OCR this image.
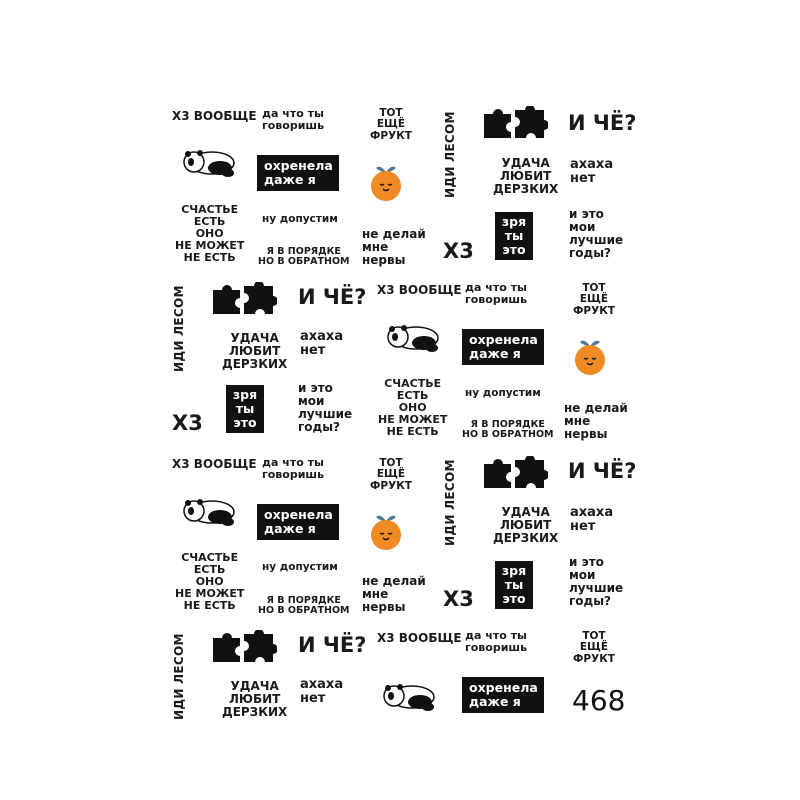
Х3 ВООБЩЕ да что ты
говоришь
ТОТ
ЕЩЁ
ФРУКТ	ИДИ ЛЕСОМ	И ЧЁ?
охренела
даже я
УДАЧА
ЛЮБИТ
ДЕРЗКИХ
ахаха
нет
СЧАСТЬЕ
ЕСТЬ
ОНО
НЕ МОЖЕТ
НЕ ЕСТЬ
ну допустим
не делай
мне
нервы	Х3
зря
ты
это
и это
мои
лучшие
годы?
Я В ПОРЯДКЕ
НО В ОБРАТНОМ
ИДИ ЛЕСОМ	И ЧЁ? Х3 ВООБЩЕ да что ты
говоришь
ТОТ
ЕЩЁ
ФРУКТ
УДАЧА
ЛЮБИТ
ДЕРЗКИХ
ахаха
нет
охренела
даже я
Х3
зря
ты
это
и это
мои
лучшие
годы?
СЧАСТЬЕ
ЕСТЬ
ОНО
НЕ МОЖЕТ
НЕ ЕСТЬ
ну допустим
не делай
мне
нервы
Я В ПОРЯДКЕ
НО В ОБРАТНОМ
Х3 ВООБЩЕ да что ты
говоришь
ТОТ
ЕЩЁ
ФРУКТ	ИДИ ЛЕСОМ	И ЧЁ?
охренела
даже я
УДАЧА
ЛЮБИТ
ДЕРЗКИХ
ахаха
нет
СЧАСТЬЕ
ЕСТЬ
ОНО
НЕ МОЖЕТ
НЕ ЕСТЬ
ну допустим
не делай
мне
нервы	Х3
зря
ты
это
и это
мои
лучшие
годы?
Я В ПОРЯДКЕ
НО В ОБРАТНОМ
ИДИ ЛЕСОМ	И ЧЁ? Х3 ВООБЩЕ да что ты
говоришь
ТОТ
ЕЩЁ
ФРУКТ
УДАЧА
ЛЮБИТ
ДЕРЗКИХ
ахаха
нет
охренела
даже я	468
